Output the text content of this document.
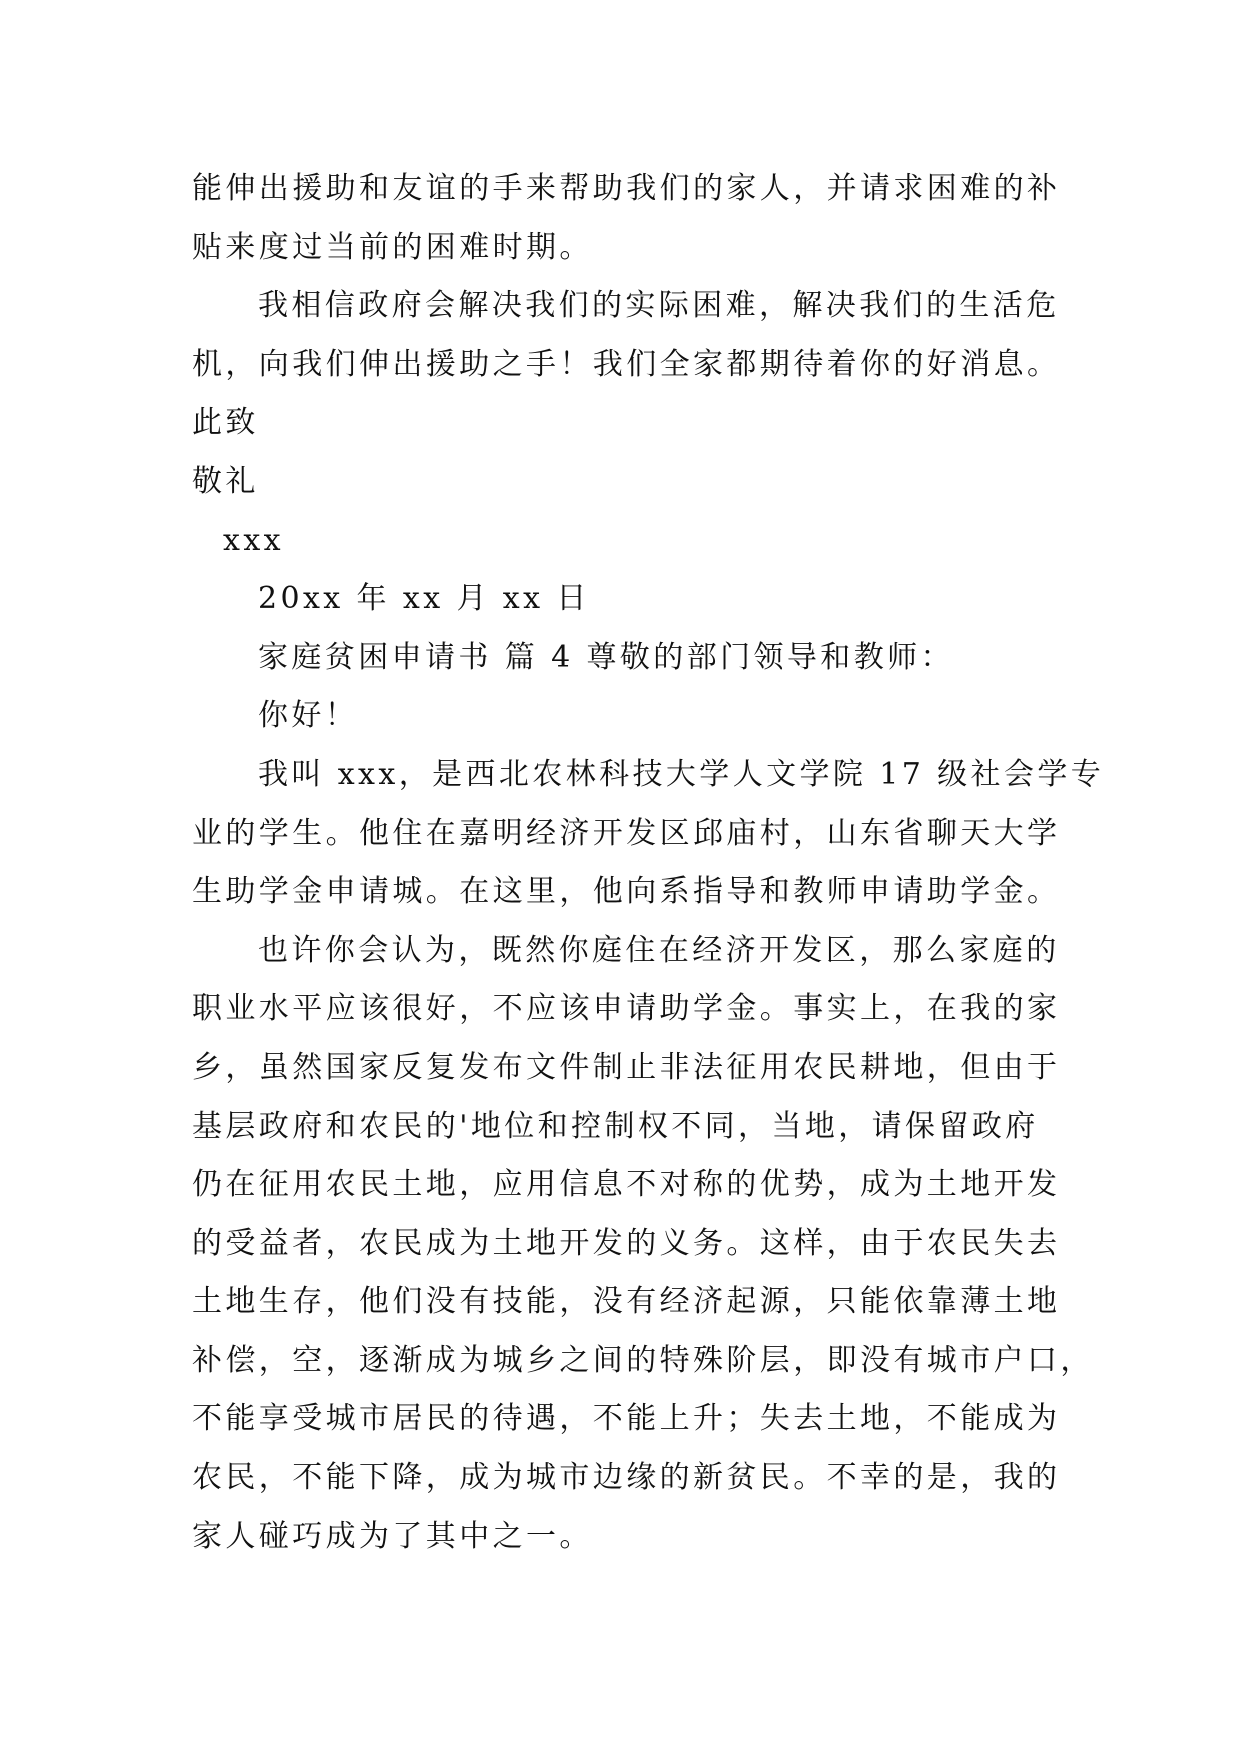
能伸出援助和友谊的手来帮助我们的家人，并请求困难的补
贴来度过当前的困难时期。
我相信政府会解决我们的实际困难，解决我们的生活危
机，向我们伸出援助之手！我们全家都期待着你的好消息。
此致
敬礼
xxx
20xx 年 xx 月 xx 日
家庭贫困申请书 篇 4 尊敬的部门领导和教师：
你好！
我叫 xxx，是西北农林科技大学人文学院 17 级社会学专
业的学生。他住在嘉明经济开发区邱庙村，山东省聊天大学
生助学金申请城。在这里，他向系指导和教师申请助学金。
也许你会认为，既然你庭住在经济开发区，那么家庭的
职业水平应该很好，不应该申请助学金。事实上，在我的家
乡，虽然国家反复发布文件制止非法征用农民耕地，但由于
基层政府和农民的'地位和控制权不同，当地，请保留政府
仍在征用农民土地，应用信息不对称的优势，成为土地开发
的受益者，农民成为土地开发的义务。这样，由于农民失去
土地生存，他们没有技能，没有经济起源，只能依靠薄土地
补偿，空，逐渐成为城乡之间的特殊阶层，即没有城市户口，
不能享受城市居民的待遇，不能上升；失去土地，不能成为
农民，不能下降，成为城市边缘的新贫民。不幸的是，我的
家人碰巧成为了其中之一。
